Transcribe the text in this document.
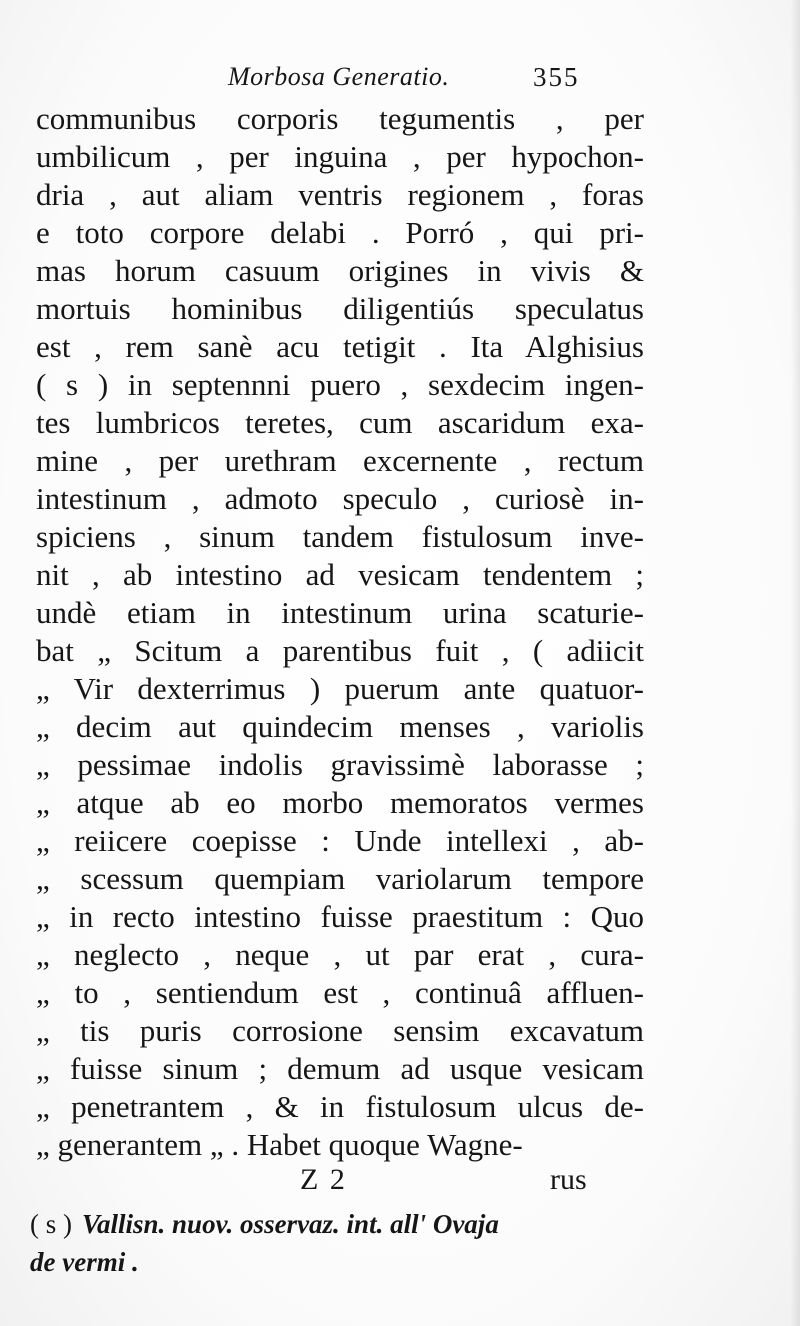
Morbosa Generatio.	355
communibus corporis tegumentis , per
umbilicum , per inguina , per hypochon-
dria , aut aliam ventris regionem , foras
e toto corpore delabi . Porró , qui pri-
mas horum casuum origines in vivis &
mortuis hominibus diligentiús speculatus
est , rem sanè acu tetigit . Ita Alghisius
( s ) in septennni puero , sexdecim ingen-
tes lumbricos teretes, cum ascaridum exa-
mine , per urethram excernente , rectum
intestinum , admoto speculo , curiosè in-
spiciens , sinum tandem fistulosum inve-
nit , ab intestino ad vesicam tendentem ;
undè etiam in intestinum urina scaturie-
bat „ Scitum a parentibus fuit , ( adiicit
„ Vir dexterrimus ) puerum ante quatuor-
„ decim aut quindecim menses , variolis
„ pessimae indolis gravissimè laborasse ;
„ atque ab eo morbo memoratos vermes
„ reiicere coepisse : Unde intellexi , ab-
„ scessum quempiam variolarum tempore
„ in recto intestino fuisse praestitum : Quo
„ neglecto , neque , ut par erat , cura-
„ to , sentiendum est , continuâ affluen-
„ tis puris corrosione sensim excavatum
„ fuisse sinum ; demum ad usque vesicam
„ penetrantem , & in fistulosum ulcus de-
„ generantem „ . Habet quoque Wagne-
Z 2	rus
( s ) Vallisn. nuov. osservaz. int. all' Ovaja
de vermi .
